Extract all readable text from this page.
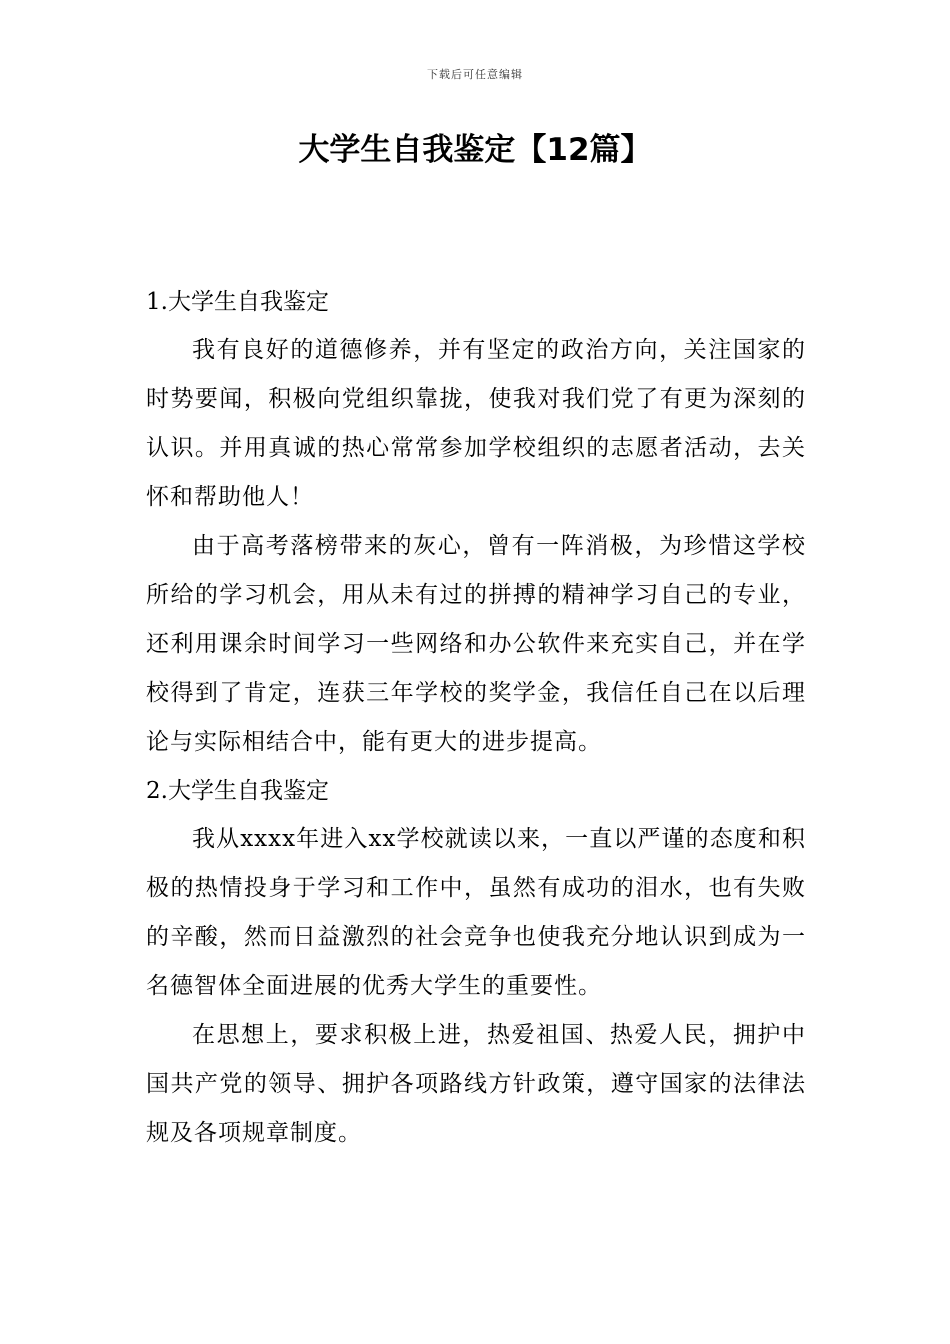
下载后可任意编辑
大学生自我鉴定【12篇】

1.大学生自我鉴定

我有良好的道德修养，并有坚定的政治方向，关注国家的时势要闻，积极向党组织靠拢，使我对我们党了有更为深刻的认识。并用真诚的热心常常参加学校组织的志愿者活动，去关怀和帮助他人！

由于高考落榜带来的灰心，曾有一阵消极，为珍惜这学校所给的学习机会，用从未有过的拼搏的精神学习自己的专业，还利用课余时间学习一些网络和办公软件来充实自己，并在学校得到了肯定，连获三年学校的奖学金，我信任自己在以后理论与实际相结合中，能有更大的进步提高。

2.大学生自我鉴定

我从xxxx年进入xx学校就读以来，一直以严谨的态度和积极的热情投身于学习和工作中，虽然有成功的泪水，也有失败的辛酸，然而日益激烈的社会竞争也使我充分地认识到成为一名德智体全面进展的优秀大学生的重要性。

在思想上，要求积极上进，热爱祖国、热爱人民，拥护中国共产党的领导、拥护各项路线方针政策，遵守国家的法律法规及各项规章制度。
